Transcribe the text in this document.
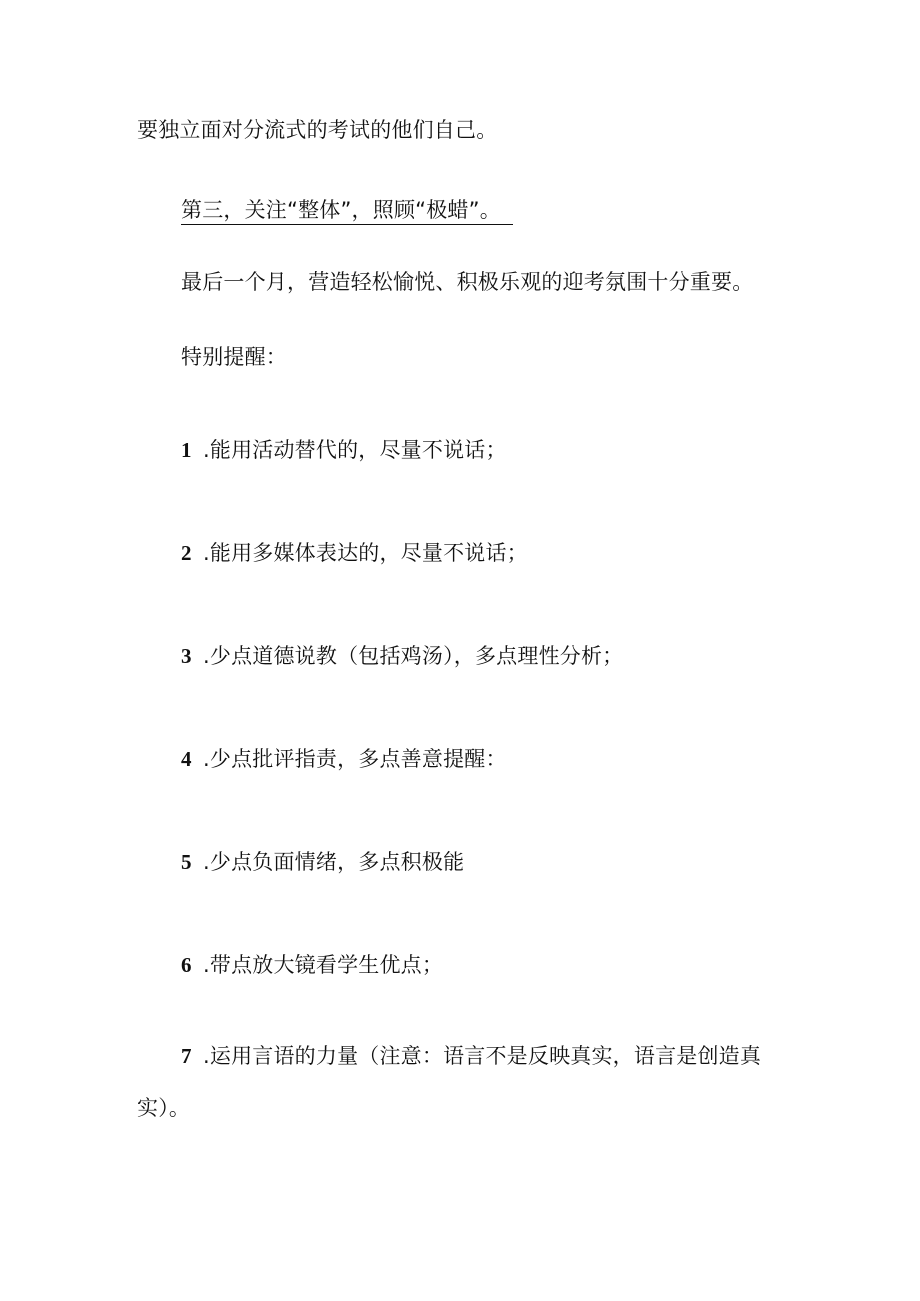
要独立面对分流式的考试的他们自己。
第三，关注“整体”，照顾“极蜡”。
最后一个月，营造轻松愉悦、积极乐观的迎考氛围十分重要。
特别提醒：
1 .能用活动替代的，尽量不说话；
2 .能用多媒体表达的，尽量不说话；
3 .少点道德说教（包括鸡汤），多点理性分析；
4 .少点批评指责，多点善意提醒：
5 .少点负面情绪，多点积极能
6 .带点放大镜看学生优点；
7 .运用言语的力量（注意：语言不是反映真实，语言是创造真
实）。
